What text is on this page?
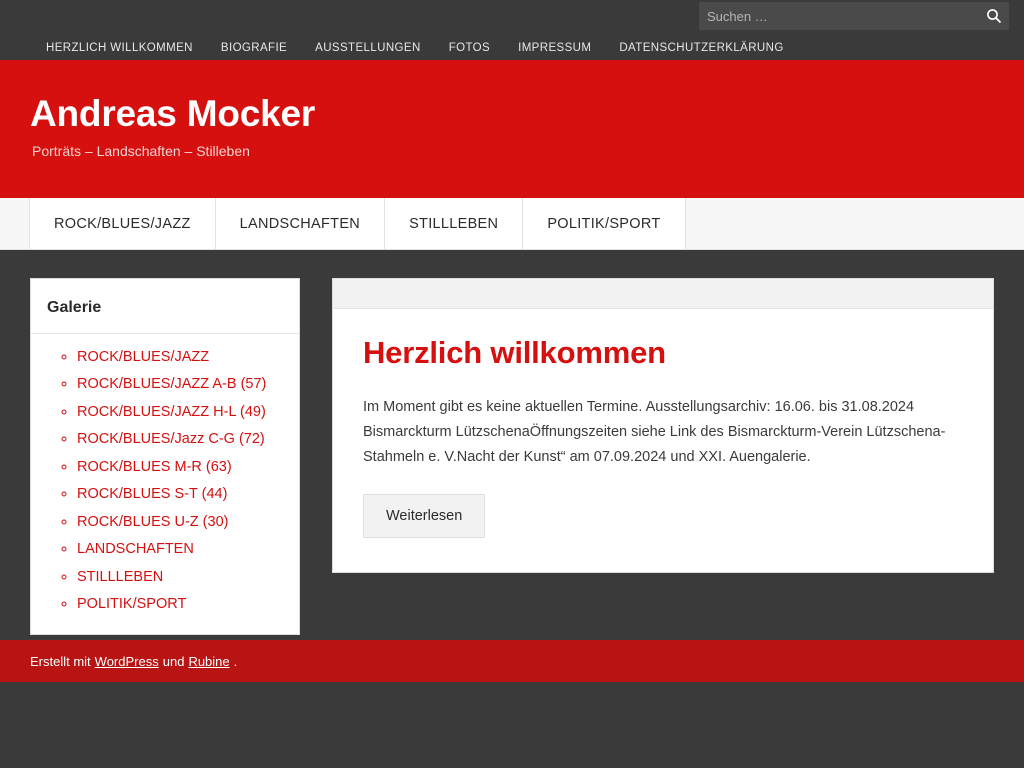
Suchen …
HERZLICH WILLKOMMEN BIOGRAFIE AUSSTELLUNGEN FOTOS IMPRESSUM DATENSCHUTZERKLÄRUNG
Andreas Mocker

Porträts – Landschaften – Stilleben

ROCK/BLUES/JAZZ	LANDSCHAFTEN	STILLLEBEN	POLITIK/SPORT
Galerie
◦ ROCK/BLUES/JAZZ
◦ ROCK/BLUES/JAZZ A-B (57)
◦ ROCK/BLUES/JAZZ H-L (49)
◦ ROCK/BLUES/Jazz C-G (72)
◦ ROCK/BLUES M-R (63)
◦ ROCK/BLUES S-T (44)
◦ ROCK/BLUES U-Z (30)
◦ LANDSCHAFTEN
◦ STILLLEBEN
◦ POLITIK/SPORT
Herzlich willkommen

Im Moment gibt es keine aktuellen Termine. Ausstellungsarchiv: 16.06. bis 31.08.2024 Bismarckturm LützschenaÖffnungszeiten siehe Link des Bismarckturm-Verein Lützschena-Stahmeln e. V.Nacht der Kunst“ am 07.09.2024 und XXI. Auengalerie.

Weiterlesen
Erstellt mit WordPress und Rubine .
